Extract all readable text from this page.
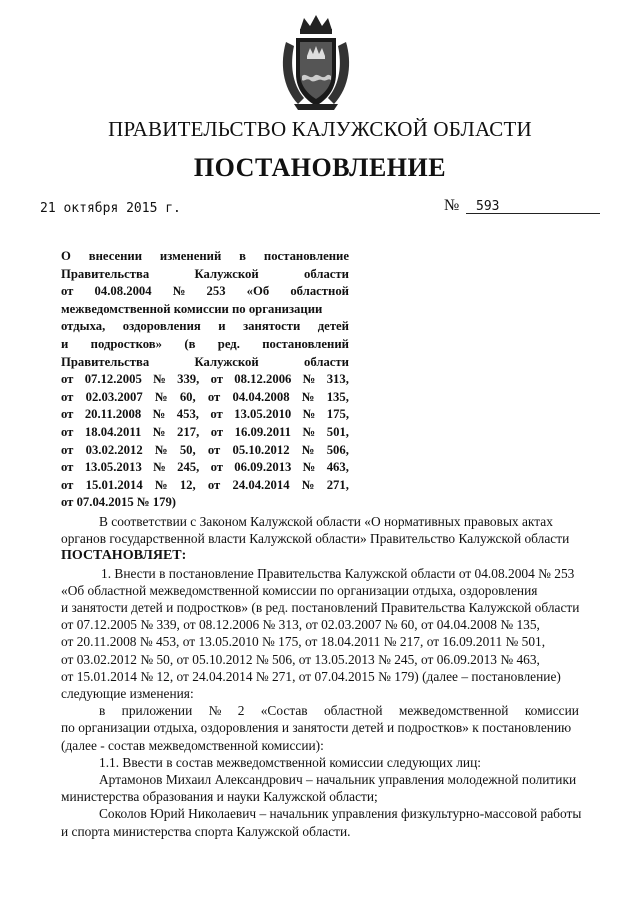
ПРАВИТЕЛЬСТВО КАЛУЖСКОЙ ОБЛАСТИ
ПОСТАНОВЛЕНИЕ
21 октября 2015 г.	№ 593
О внесении изменений в постановление
Правительства	Калужской	области
от 04.08.2004 № 253 «Об областной
межведомственной комиссии по организации
отдыха, оздоровления и занятости детей
и подростков» (в ред. постановлений
Правительства	Калужской	области
от 07.12.2005 № 339, от 08.12.2006 № 313,
от 02.03.2007 № 60, от 04.04.2008 № 135,
от 20.11.2008 № 453, от 13.05.2010 № 175,
от 18.04.2011 № 217, от 16.09.2011 № 501,
от 03.02.2012 № 50, от 05.10.2012 № 506,
от 13.05.2013 № 245, от 06.09.2013 № 463,
от 15.01.2014 № 12, от 24.04.2014 № 271,
от 07.04.2015 № 179)
В соответствии с Законом Калужской области «О нормативных правовых актах
органов государственной власти Калужской области» Правительство Калужской области
ПОСТАНОВЛЯЕТ:
1. Внести в постановление Правительства Калужской области от 04.08.2004 № 253
«Об областной межведомственной комиссии по организации отдыха, оздоровления
и занятости детей и подростков» (в ред. постановлений Правительства Калужской области
от 07.12.2005 № 339, от 08.12.2006 № 313, от 02.03.2007 № 60, от 04.04.2008 № 135,
от 20.11.2008 № 453, от 13.05.2010 № 175, от 18.04.2011 № 217, от 16.09.2011 № 501,
от 03.02.2012 № 50, от 05.10.2012 № 506, от 13.05.2013 № 245, от 06.09.2013 № 463,
от 15.01.2014 № 12, от 24.04.2014 № 271, от 07.04.2015 № 179) (далее – постановление)
следующие изменения:
в приложении № 2 «Состав областной межведомственной комиссии
по организации отдыха, оздоровления и занятости детей и подростков» к постановлению
(далее - состав межведомственной комиссии):
1.1. Ввести в состав межведомственной комиссии следующих лиц:
Артамонов Михаил Александрович – начальник управления молодежной политики
министерства образования и науки Калужской области;
Соколов Юрий Николаевич – начальник управления физкультурно-массовой работы
и спорта министерства спорта Калужской области.
